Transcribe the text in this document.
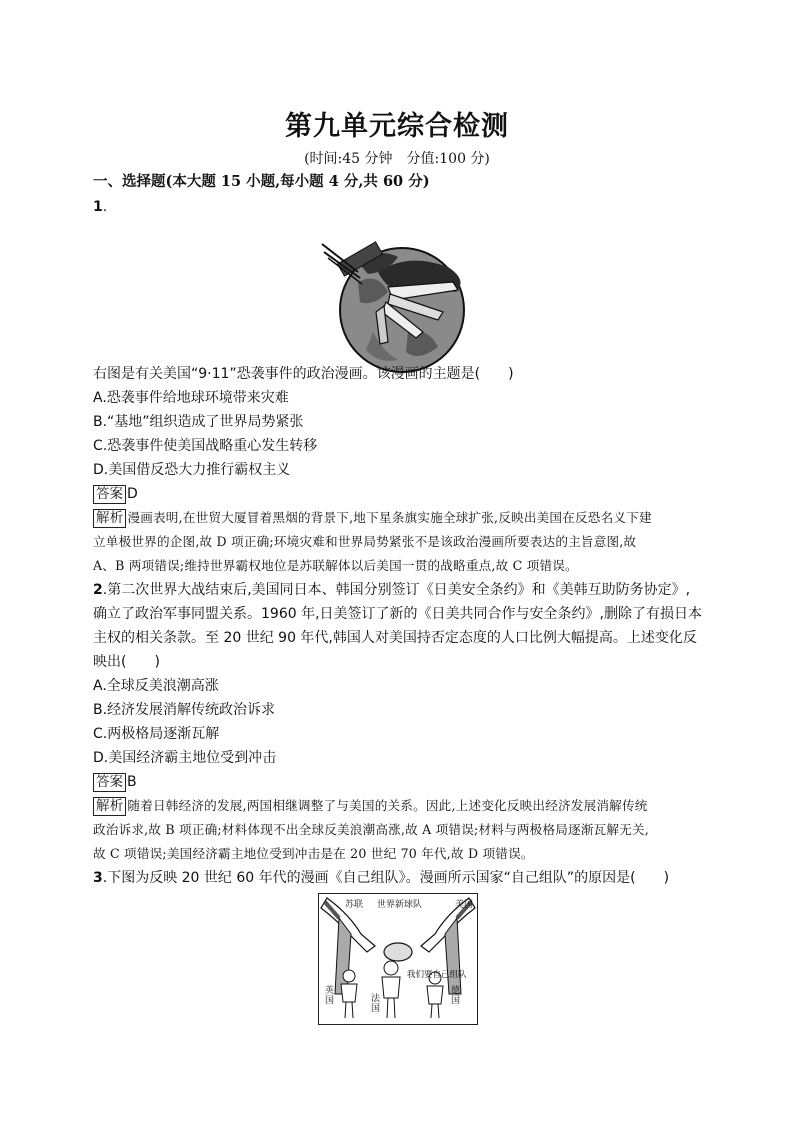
第九单元综合检测
(时间:45 分钟　分值:100 分)
一、选择题(本大题 15 小题,每小题 4 分,共 60 分)
1.
右图是有关美国“9·11”恐袭事件的政治漫画。该漫画的主题是(　　)
A.恐袭事件给地球环境带来灾难
B.“基地”组织造成了世界局势紧张
C.恐袭事件使美国战略重心发生转移
D.美国借反恐大力推行霸权主义
答案 D
解析 漫画表明,在世贸大厦冒着黑烟的背景下,地下星条旗实施全球扩张,反映出美国在反恐名义下建
立单极世界的企图,故 D 项正确;环境灾难和世界局势紧张不是该政治漫画所要表达的主旨意图,故
A、B 两项错误;维持世界霸权地位是苏联解体以后美国一贯的战略重点,故 C 项错误。
2.第二次世界大战结束后,美国同日本、韩国分别签订《日美安全条约》和《美韩互助防务协定》,
确立了政治军事同盟关系。1960 年,日美签订了新的《日美共同合作与安全条约》,删除了有损日本
主权的相关条款。至 20 世纪 90 年代,韩国人对美国持否定态度的人口比例大幅提高。上述变化反
映出(　　)
A.全球反美浪潮高涨
B.经济发展消解传统政治诉求
C.两极格局逐渐瓦解
D.美国经济霸主地位受到冲击
答案 B
解析 随着日韩经济的发展,两国相继调整了与美国的关系。因此,上述变化反映出经济发展消解传统
政治诉求,故 B 项正确;材料体现不出全球反美浪潮高涨,故 A 项错误;材料与两极格局逐渐瓦解无关,
故 C 项错误;美国经济霸主地位受到冲击是在 20 世纪 70 年代,故 D 项错误。
3.下图为反映 20 世纪 60 年代的漫画《自己组队》。漫画所示国家“自己组队”的原因是(　　)
苏联 世界新球队	美国
我们要自己组队
英国	法国
德国
